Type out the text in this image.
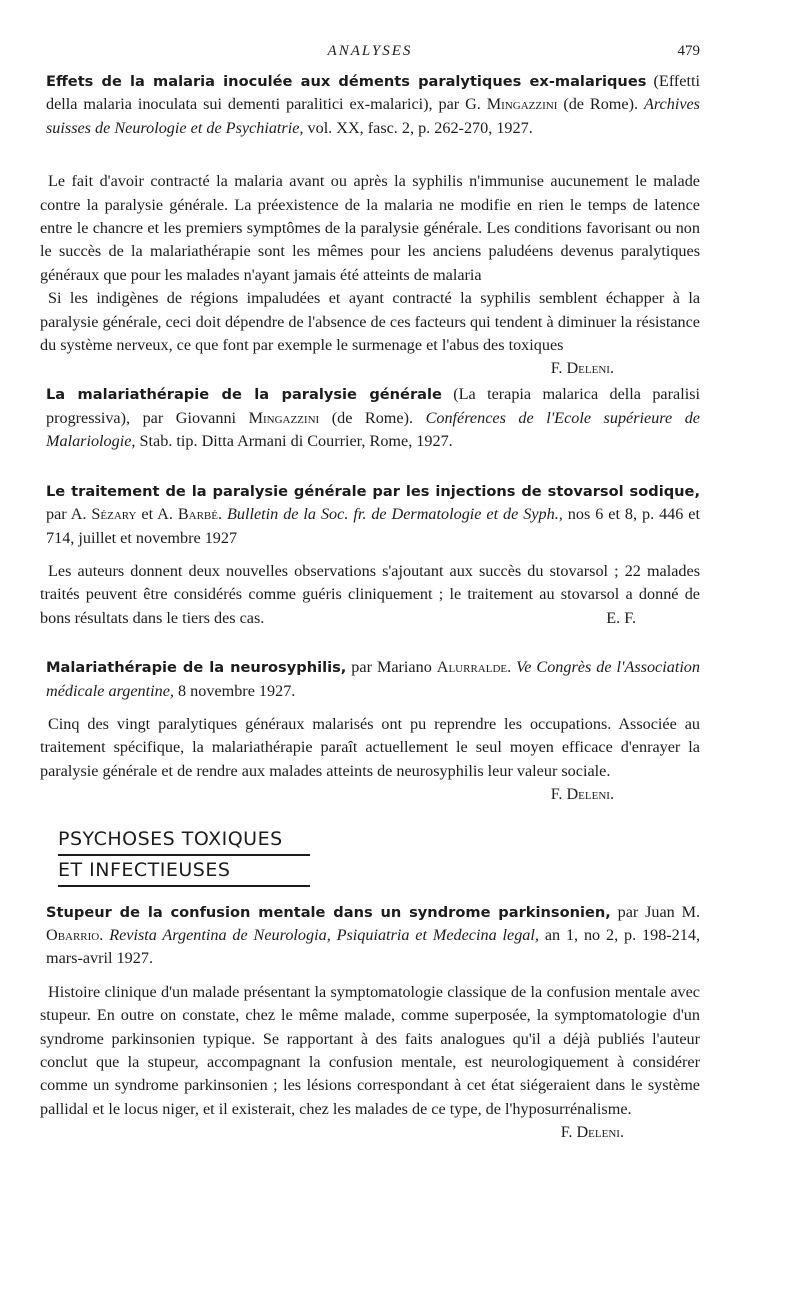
ANALYSES	479

Effets de la malaria inoculée aux déments paralytiques ex-malariques (Effetti della malaria inoculata sui dementi paralitici ex-malarici), par G. Mingazzini (de Rome). Archives suisses de Neurologie et de Psychiatrie, vol. XX, fasc. 2, p. 262-270, 1927.

Le fait d'avoir contracté la malaria avant ou après la syphilis n'immunise aucunement le malade contre la paralysie générale. La préexistence de la malaria ne modifie en rien le temps de latence entre le chancre et les premiers symptômes de la paralysie générale. Les conditions favorisant ou non le succès de la malariathérapie sont les mêmes pour les anciens paludéens devenus paralytiques généraux que pour les malades n'ayant jamais été atteints de malaria

Si les indigènes de régions impaludées et ayant contracté la syphilis semblent échapper à la paralysie générale, ceci doit dépendre de l'absence de ces facteurs qui tendent à diminuer la résistance du système nerveux, ce que font par exemple le surmenage et l'abus des toxiques
F. Deleni.

La malariathérapie de la paralysie générale (La terapia malarica della paralisi progressiva), par Giovanni Mingazzini (de Rome). Conférences de l'Ecole supérieure de Malariologie, Stab. tip. Ditta Armani di Courrier, Rome, 1927.

Le traitement de la paralysie générale par les injections de stovarsol sodique, par A. Sézary et A. Barbé. Bulletin de la Soc. fr. de Dermatologie et de Syph., nos 6 et 8, p. 446 et 714, juillet et novembre 1927

Les auteurs donnent deux nouvelles observations s'ajoutant aux succès du stovarsol ; 22 malades traités peuvent être considérés comme guéris cliniquement ; le traitement au stovarsol a donné de bons résultats dans le tiers des cas.	E. F.

Malariathérapie de la neurosyphilis, par Mariano Alurralde. Ve Congrès de l'Association médicale argentine, 8 novembre 1927.

Cinq des vingt paralytiques généraux malarisés ont pu reprendre les occupations. Associée au traitement spécifique, la malariathérapie paraît actuellement le seul moyen efficace d'enrayer la paralysie générale et de rendre aux malades atteints de neurosyphilis leur valeur sociale.

F. Deleni.
PSYCHOSES TOXIQUES
ET INFECTIEUSES

Stupeur de la confusion mentale dans un syndrome parkinsonien, par Juan M. Obarrio. Revista Argentina de Neurologia, Psiquiatria et Medecina legal, an 1, no 2, p. 198-214, mars-avril 1927.

Histoire clinique d'un malade présentant la symptomatologie classique de la confusion mentale avec stupeur. En outre on constate, chez le même malade, comme superposée, la symptomatologie d'un syndrome parkinsonien typique. Se rapportant à des faits analogues qu'il a déjà publiés l'auteur conclut que la stupeur, accompagnant la confusion mentale, est neurologiquement à considérer comme un syndrome parkinsonien ; les lésions correspondant à cet état siégeraient dans le système pallidal et le locus niger, et il existerait, chez les malades de ce type, de l'hyposurrénalisme.

F. Deleni.
